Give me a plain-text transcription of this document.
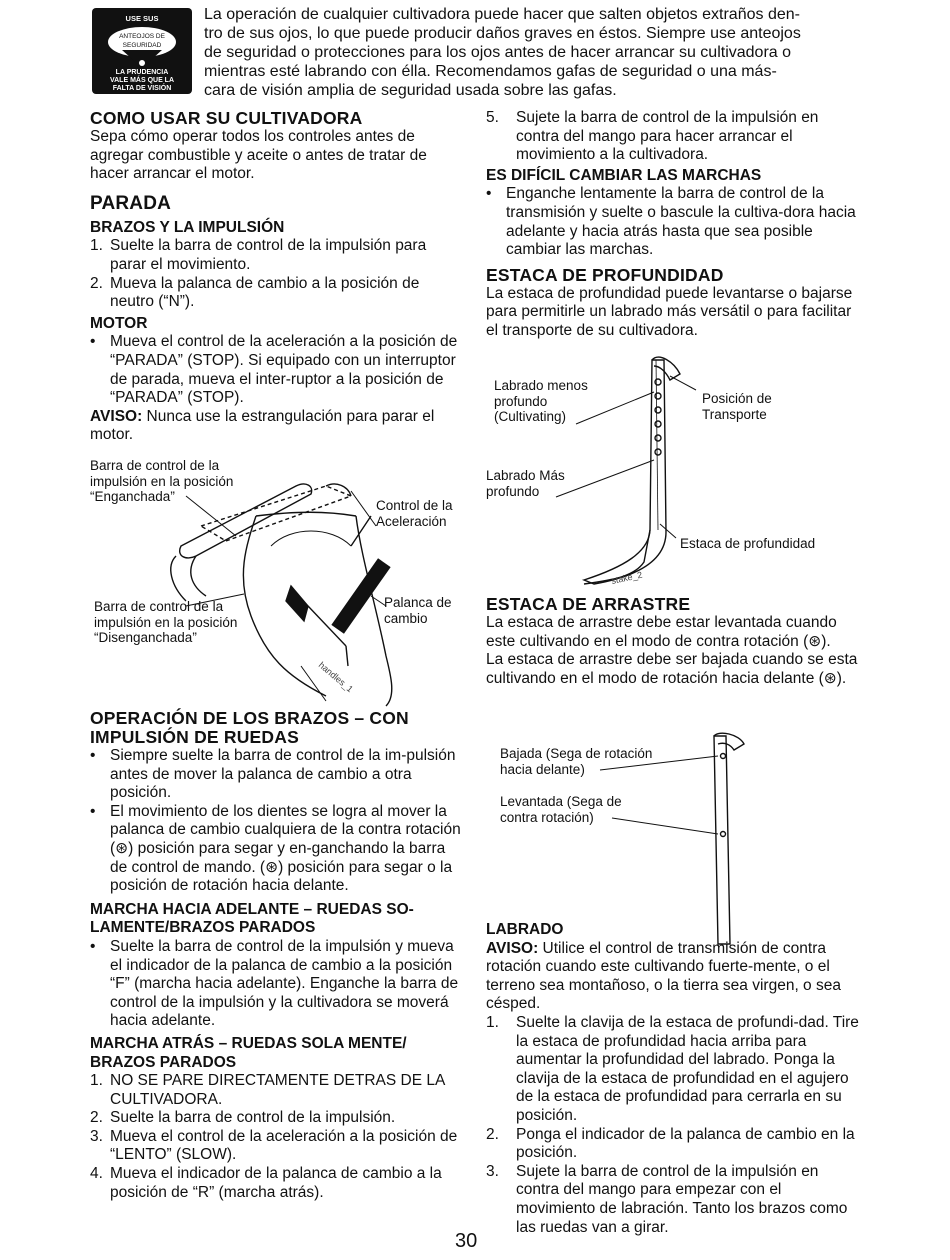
USE SUS
ANTEOJOS DE
SEGURIDAD
LA PRUDENCIA
VALE MÁS QUE LA
FALTA DE VISIÓN
La operación de cualquier cultivadora puede hacer que salten objetos extraños den-
tro de sus ojos, lo que puede producir daños graves en éstos. Siempre use anteojos
de seguridad o protecciones para los ojos antes de hacer arrancar su cultivadora o
mientras esté labrando con élla. Recomendamos gafas de seguridad o una más-
cara de visión amplia de seguridad usada sobre las gafas.
COMO USAR SU CULTIVADORA

Sepa cómo operar todos los controles antes de agregar combustible y aceite o antes de tratar de hacer arrancar el motor.

PARADA
BRAZOS Y LA IMPULSIÓN
1. Suelte la barra de control de la impulsión para parar el movimiento.
2. Mueva la palanca de cambio a la posición de neutro (“N”).
MOTOR
• Mueva el control de la aceleración a la posición de “PARADA” (STOP). Si equipado con un interruptor de parada, mueva el inter-ruptor a la posición de “PARADA” (STOP).

AVISO: Nunca use la estrangulación para parar el motor.

handles_1
Barra de control de la
impulsión en la posición
“Enganchada”
Control de la
Aceleración
Barra de control de la
impulsión en la posición
“Disenganchada”
Palanca de
cambio
OPERACIÓN DE LOS BRAZOS – CON
IMPULSIÓN DE RUEDAS
• Siempre suelte la barra de control de la im-pulsión antes de mover la palanca de cambio a otra posición.
• El movimiento de los dientes se logra al mover la palanca de cambio cualquiera de la contra rotación (⊛) posición para segar y en-ganchando la barra de control de mando. (⊛) posición para segar o la posición de rotación hacia delante.
MARCHA HACIA ADELANTE – RUEDAS SO-
LAMENTE/BRAZOS PARADOS
• Suelte la barra de control de la impulsión y mueva el indicador de la palanca de cambio a la posición “F” (marcha hacia adelante). Enganche la barra de control de la impulsión y la cultivadora se moverá hacia adelante.
MARCHA ATRÁS – RUEDAS SOLA MENTE/
BRAZOS PARADOS
1. NO SE PARE DIRECTAMENTE DETRAS DE LA CULTIVADORA.
2. Suelte la barra de control de la impulsión.
3. Mueva el control de la aceleración a la posición de “LENTO” (SLOW).
4. Mueva el indicador de la palanca de cambio a la posición de “R” (marcha atrás).
5.	Sujete la barra de control de la impulsión en contra del mango para hacer arrancar el movimiento a la cultivadora.
ES DIFÍCIL CAMBIAR LAS MARCHAS
• Enganche lentamente la barra de control de la transmisión y suelte o bascule la cultiva-dora hacia adelante y hacia atrás hasta que sea posible cambiar las marchas.
ESTACA DE PROFUNDIDAD

La estaca de profundidad puede levantarse o bajarse para permitirle un labrado más versátil o para facilitar el transporte de su cultivadora.

stake_2
Labrado menos
profundo
(Cultivating)
Posición de
Transporte
Labrado Más
profundo
Estaca de profundidad
ESTACA DE ARRASTRE

La estaca de arrastre debe estar levantada cuando este cultivando en el modo de contra rotación (⊛).

La estaca de arrastre debe ser bajada cuando se esta cultivando en el modo de rotación hacia delante (⊛).

Bajada (Sega de rotación
hacia delante)
Levantada (Sega de
contra rotación)
LABRADO

AVISO: Utilice el control de transmisión de contra rotación cuando este cultivando fuerte-mente, o el terreno sea montañoso, o la tierra sea virgen, o sea césped.

1.	Suelte la clavija de la estaca de profundi-dad. Tire la estaca de profundidad hacia arriba para aumentar la profundidad del labrado. Ponga la clavija de la estaca de profundidad en el agujero de la estaca de profundidad para cerrarla en su posición.
2.	Ponga el indicador de la palanca de cambio en la posición.
3.	Sujete la barra de control de la impulsión en contra del mango para empezar con el movimiento de labración. Tanto los brazos como las ruedas van a girar.
30
